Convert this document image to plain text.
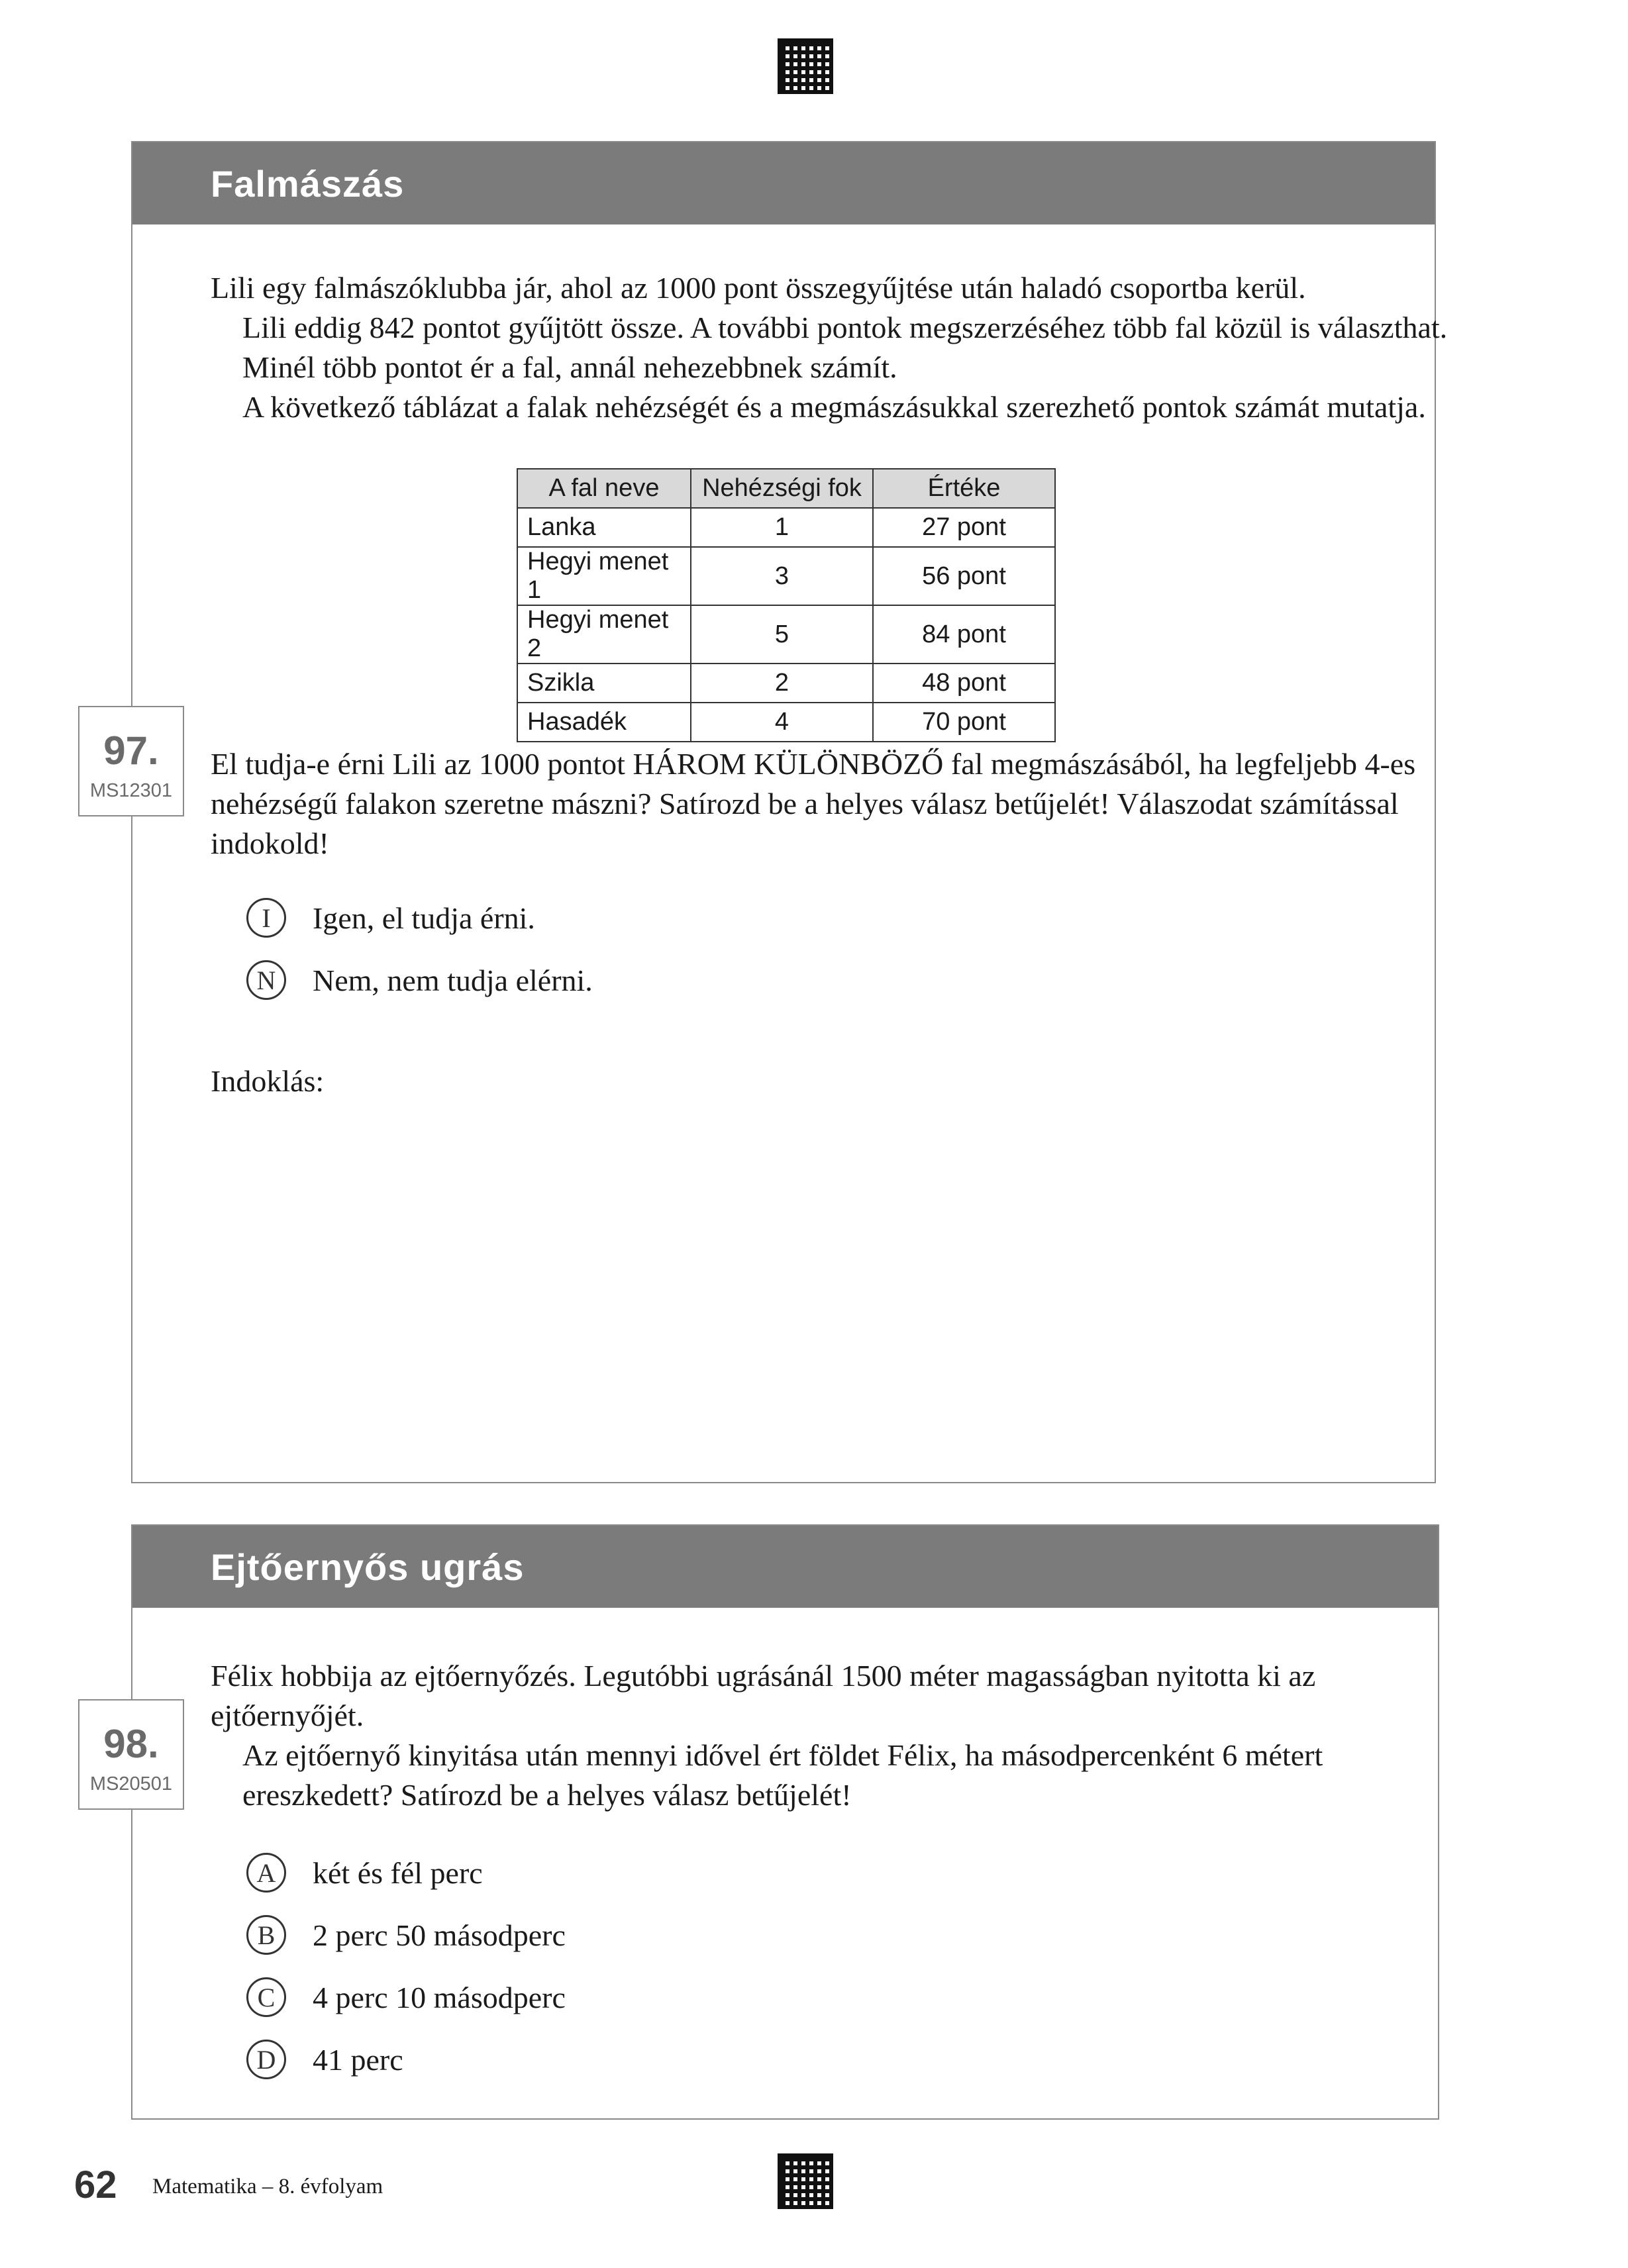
Falmászás

Lili egy falmászóklubba jár, ahol az 1000 pont összegyűjtése után haladó csoportba kerül.

Lili eddig 842 pontot gyűjtött össze. A további pontok megszerzéséhez több fal közül is választhat. Minél több pontot ér a fal, annál nehezebbnek számít.

A következő táblázat a falak nehézségét és a megmászásukkal szerezhető pontok számát mutatja.

A fal neve	Nehézségi fok	Értéke
Lanka	1	27 pont
Hegyi menet 1	3	56 pont
Hegyi menet 2	5	84 pont
Szikla	2	48 pont
Hasadék	4	70 pont
97.
MS12301

El tudja-e érni Lili az 1000 pontot HÁROM KÜLÖNBÖZŐ fal megmászásából, ha legfeljebb 4-es nehézségű falakon szeretne mászni? Satírozd be a helyes válasz betűjelét! Válaszodat számítással indokold!

I	Igen, el tudja érni.
N	Nem, nem tudja elérni.

Indoklás:

Ejtőernyős ugrás

Félix hobbija az ejtőernyőzés. Legutóbbi ugrásánál 1500 méter magasságban nyitotta ki az ejtőernyőjét.

98.
MS20501

Az ejtőernyő kinyitása után mennyi idővel ért földet Félix, ha másodpercenként 6 métert ereszkedett? Satírozd be a helyes válasz betűjelét!

A	két és fél perc
B	2 perc 50 másodperc
C	4 perc 10 másodperc
D	41 perc
62 Matematika – 8. évfolyam
